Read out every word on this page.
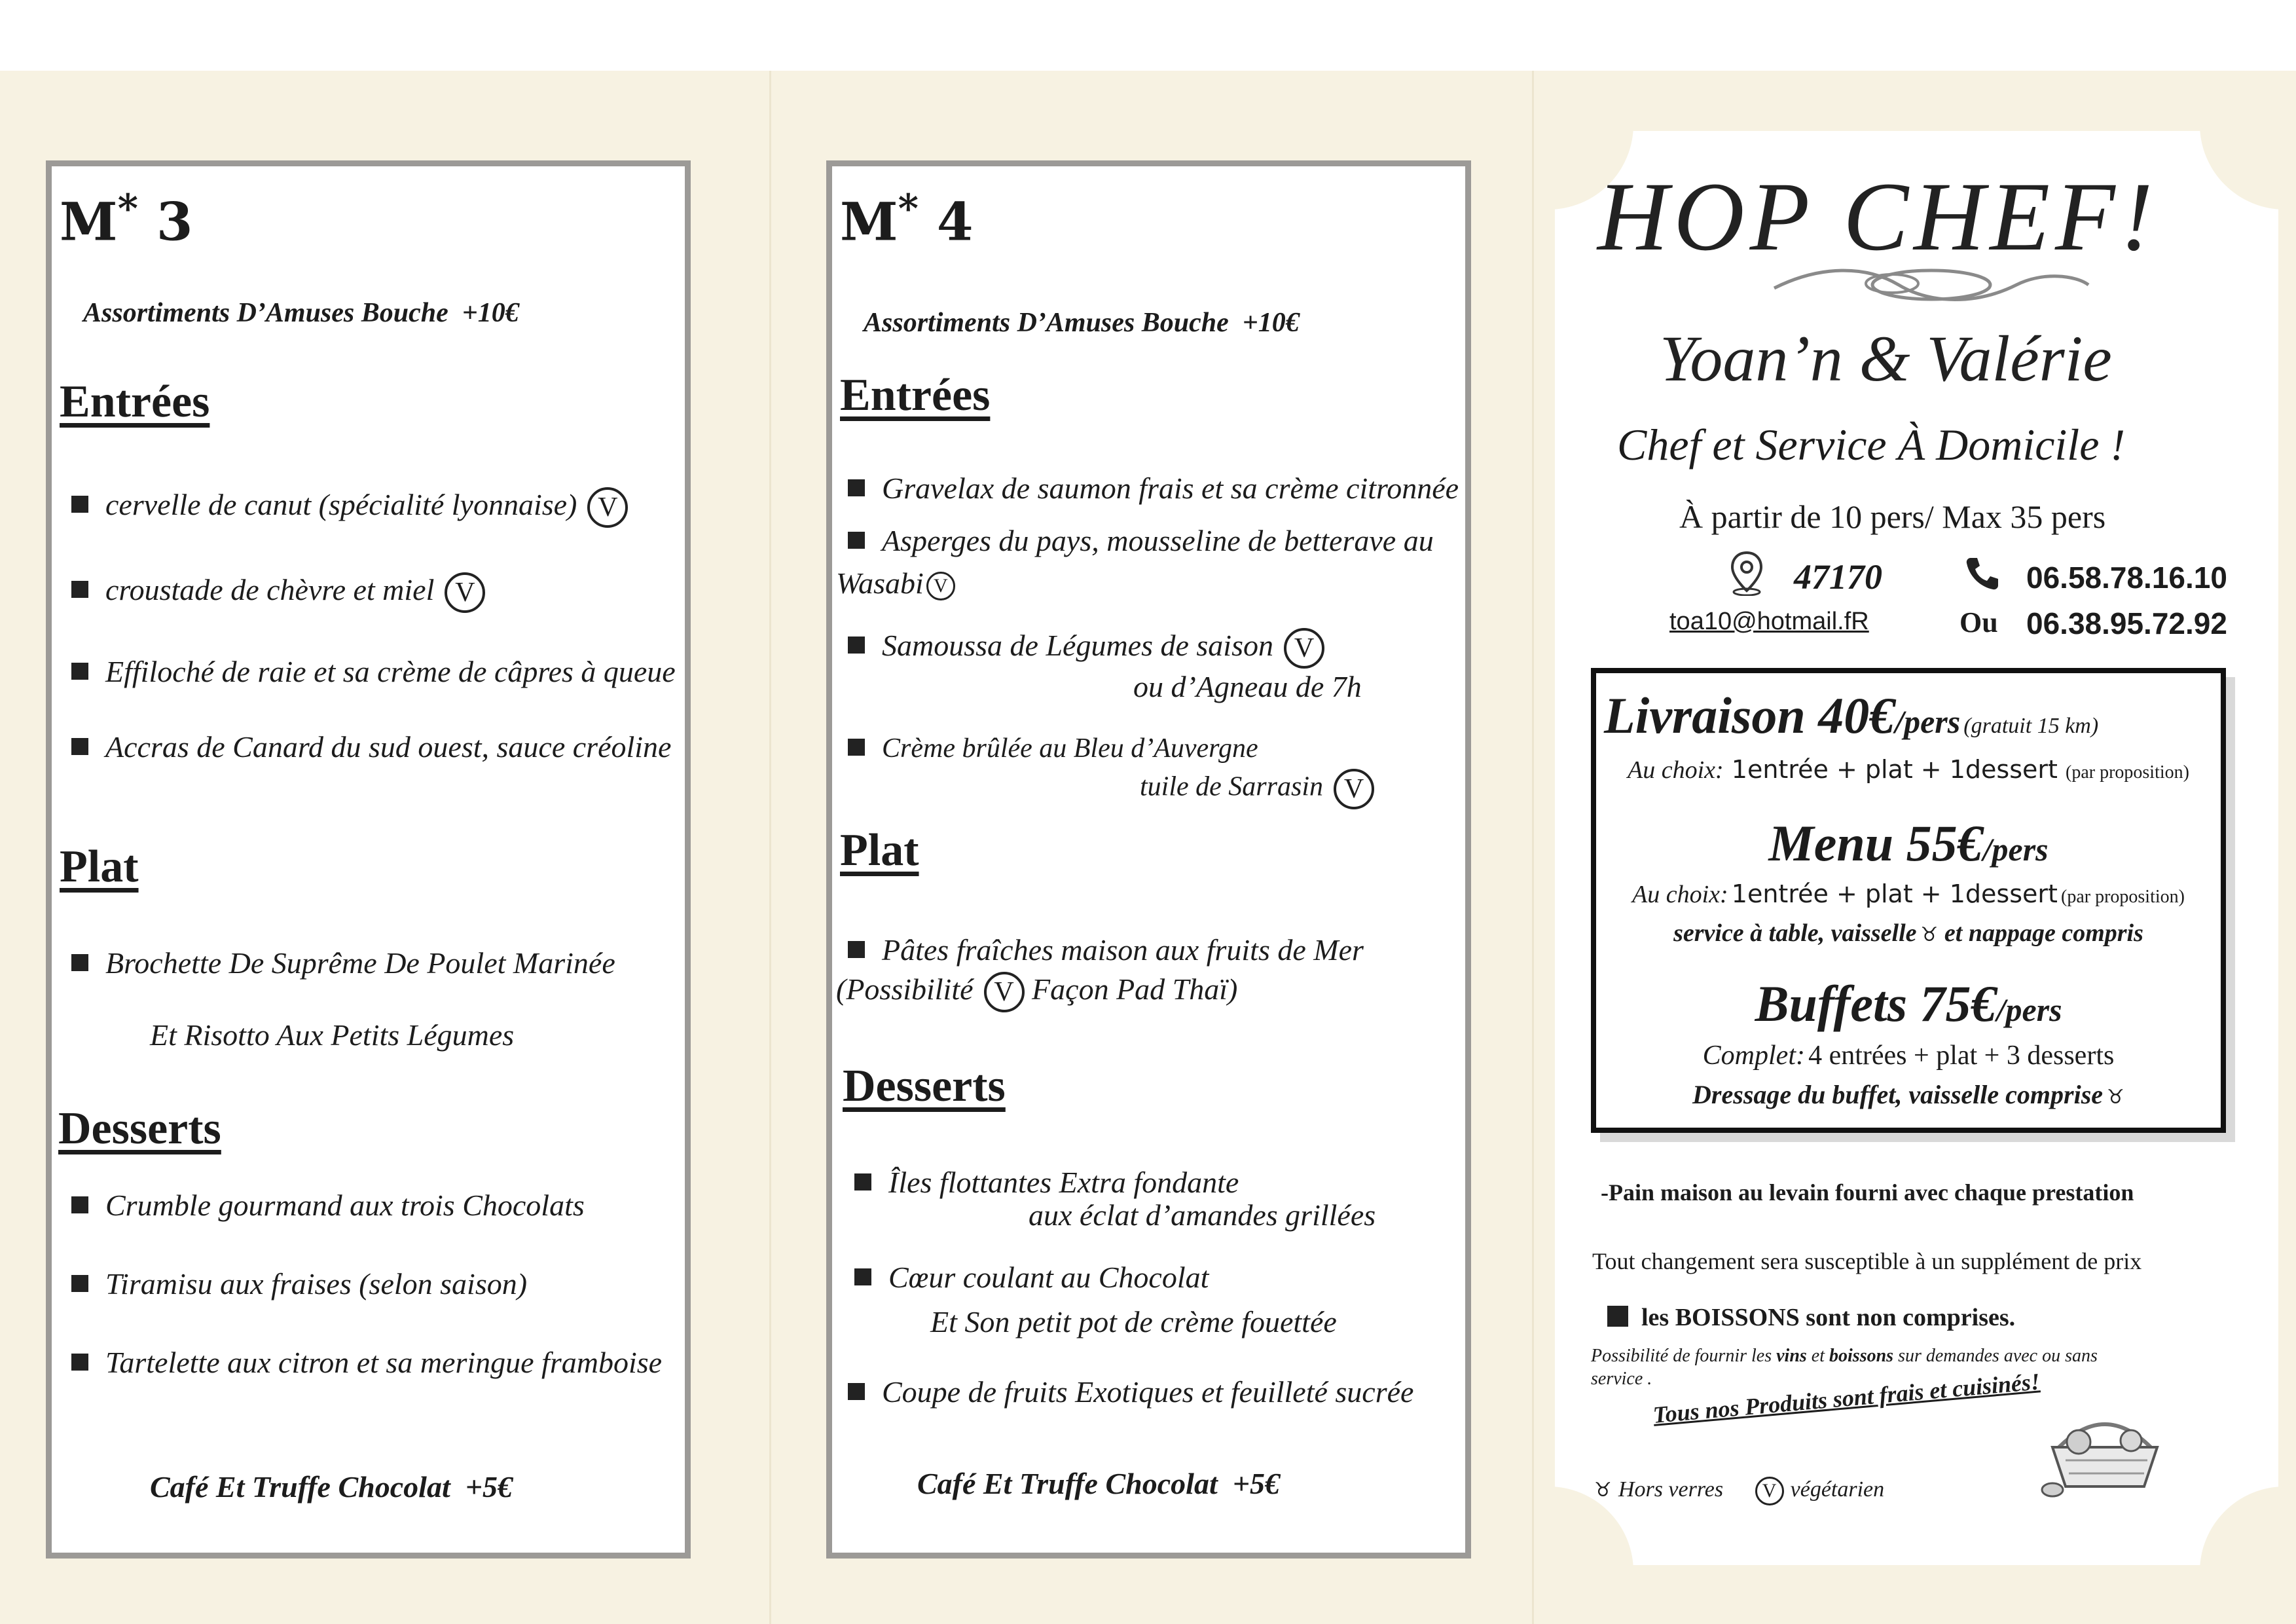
M* 3
Assortiments D’Amuses Bouche +10€
Entrées
cervelle de canut (spécialité lyonnaise) V
croustade de chèvre et miel V
Effiloché de raie et sa crème de câpres à queue
Accras de Canard du sud ouest, sauce créoline
Plat
Brochette De Suprême De Poulet Marinée
Et Risotto Aux Petits Légumes
Desserts
Crumble gourmand aux trois Chocolats
Tiramisu aux fraises (selon saison)
Tartelette aux citron et sa meringue framboise
Café Et Truffe Chocolat +5€
M* 4
Assortiments D’Amuses Bouche +10€
Entrées
Gravelax de saumon frais et sa crème citronnée
Asperges du pays, mousseline de betterave au
Wasabi V
Samoussa de Légumes de saison V
ou d’Agneau de 7h
Crème brûlée au Bleu d’Auvergne
tuile de Sarrasin V
Plat
Pâtes fraîches maison aux fruits de Mer
(Possibilité V Façon Pad Thaï)
Desserts
Îles flottantes Extra fondante
aux éclat d’amandes grillées
Cœur coulant au Chocolat
Et Son petit pot de crème fouettée
Coupe de fruits Exotiques et feuilleté sucrée
Café Et Truffe Chocolat +5€
HOP CHEF!
Yoan’n & Valérie
Chef et Service À Domicile !
À partir de 10 pers/ Max 35 pers
47170	06.58.78.16.10
toa10@hotmail.fR	Ou 06.38.95.72.92
Livraison 40€/pers (gratuit 15 km)
Au choix: 1entrée + plat + 1dessert (par proposition)
Menu 55€/pers
Au choix: 1entrée + plat + 1dessert (par proposition)
service à table, vaisselle ♉ et nappage compris
Buffets 75€/pers
Complet: 4 entrées + plat + 3 desserts
Dressage du buffet, vaisselle comprise ♉
-Pain maison au levain fourni avec chaque prestation
Tout changement sera susceptible à un supplément de prix
les BOISSONS sont non comprises.
Possibilité de fournir les vins et boissons sur demandes avec ou sans
service . Tous nos Produits sont frais et cuisinés!
♉ Hors verres V végétarien
